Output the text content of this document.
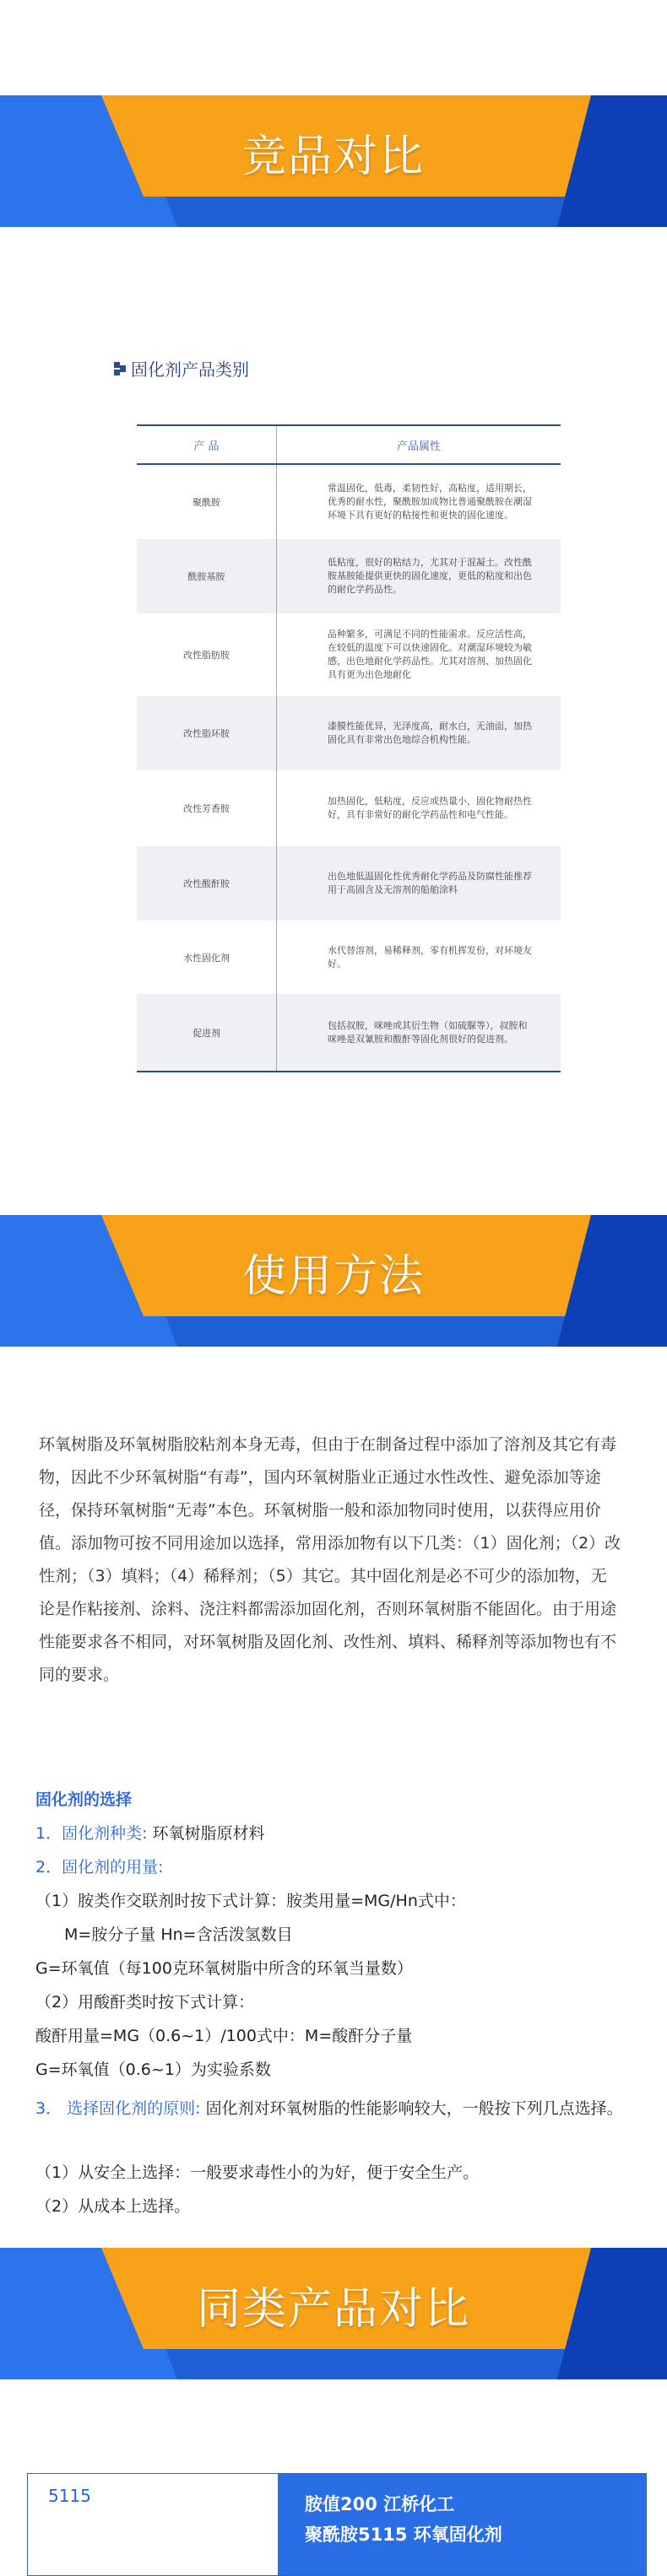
竞品对比
固化剂产品类别
产 品	产品属性
聚酰胺	常温固化，低毒，柔韧性好，高粘度，适用期长，优秀的耐水性，聚酰胺加成物比普通聚酰胺在潮湿环境下具有更好的粘接性和更快的固化速度。
酰胺基胺	低粘度，很好的粘结力，尤其对于混凝土。改性酰胺基胺能提供更快的固化速度，更低的粘度和出色的耐化学药品性。
改性脂肪胺	品种繁多，可满足不同的性能需求。反应活性高，在较低的温度下可以快速固化。对潮湿环境较为敏感，出色地耐化学药品性。尤其对溶剂、加热固化具有更为出色地耐化
改性脂环胺	漆膜性能优异，光泽度高，耐水白，无油面，加热固化具有非常出色地综合机构性能。
改性芳香胺	加热固化，低粘度，反应或热量小，固化物耐热性好，具有非常好的耐化学药品性和电气性能。
改性酸酐胺	出色地低温固化性优秀耐化学药品及防腐性能推荐用于高固含及无溶剂的船舶涂料
水性固化剂	水代替溶剂，易稀释剂，零有机挥发份，对环境友好。
促进剂	包括叔胺，咪唑或其衍生物（如硫脲等），叔胺和咪唑是双氰胺和酸酐等固化剂很好的促进剂。
使用方法
环氧树脂及环氧树脂胶粘剂本身无毒，但由于在制备过程中添加了溶剂及其它有毒物，因此不少环氧树脂“有毒”，国内环氧树脂业正通过水性改性、避免添加等途径，保持环氧树脂“无毒”本色。环氧树脂一般和添加物同时使用，以获得应用价值。添加物可按不同用途加以选择，常用添加物有以下几类：（1）固化剂；（2）改性剂；（3）填料；（4）稀释剂；（5）其它。其中固化剂是必不可少的添加物，无论是作粘接剂、涂料、浇注料都需添加固化剂，否则环氧树脂不能固化。由于用途性能要求各不相同，对环氧树脂及固化剂、改性剂、填料、稀释剂等添加物也有不同的要求。
固化剂的选择
1．固化剂种类: 环氧树脂原材料
2．固化剂的用量:
（1）胺类作交联剂时按下式计算：胺类用量=MG/Hn式中：
M=胺分子量 Hn=含活泼氢数目
G=环氧值（每100克环氧树脂中所含的环氧当量数）
（2）用酸酐类时按下式计算：
酸酐用量=MG（0.6~1）/100式中：M=酸酐分子量
G=环氧值（0.6~1）为实验系数
3． 选择固化剂的原则: 固化剂对环氧树脂的性能影响较大，一般按下列几点选择。
（1）从安全上选择：一般要求毒性小的为好，便于安全生产。
（2）从成本上选择。
同类产品对比
5115	胺值200 江桥化工
聚酰胺5115 环氧固化剂
